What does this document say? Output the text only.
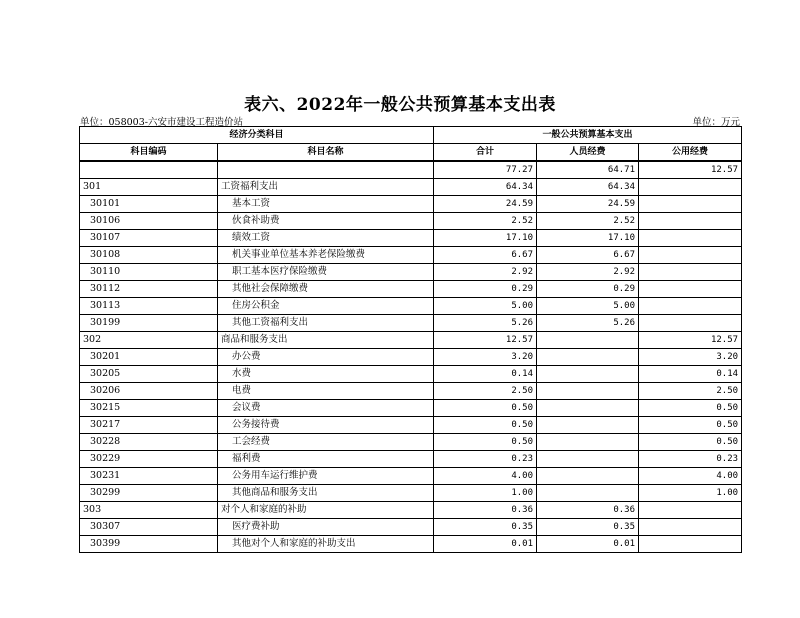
表六、2022年一般公共预算基本支出表
单位：058003-六安市建设工程造价站	单位：万元
经济分类科目		一般公共预算基本支出		
科目编码	科目名称	合计	人员经费	公用经费
		77.27	64.71	12.57
301	工资福利支出	64.34	64.34	
30101	基本工资	24.59	24.59	
30106	伙食补助费	2.52	2.52	
30107	绩效工资	17.10	17.10	
30108	机关事业单位基本养老保险缴费	6.67	6.67	
30110	职工基本医疗保险缴费	2.92	2.92	
30112	其他社会保障缴费	0.29	0.29	
30113	住房公积金	5.00	5.00	
30199	其他工资福利支出	5.26	5.26	
302	商品和服务支出	12.57		12.57
30201	办公费	3.20		3.20
30205	水费	0.14		0.14
30206	电费	2.50		2.50
30215	会议费	0.50		0.50
30217	公务接待费	0.50		0.50
30228	工会经费	0.50		0.50
30229	福利费	0.23		0.23
30231	公务用车运行维护费	4.00		4.00
30299	其他商品和服务支出	1.00		1.00
303	对个人和家庭的补助	0.36	0.36	
30307	医疗费补助	0.35	0.35	
30399	其他对个人和家庭的补助支出	0.01	0.01	
